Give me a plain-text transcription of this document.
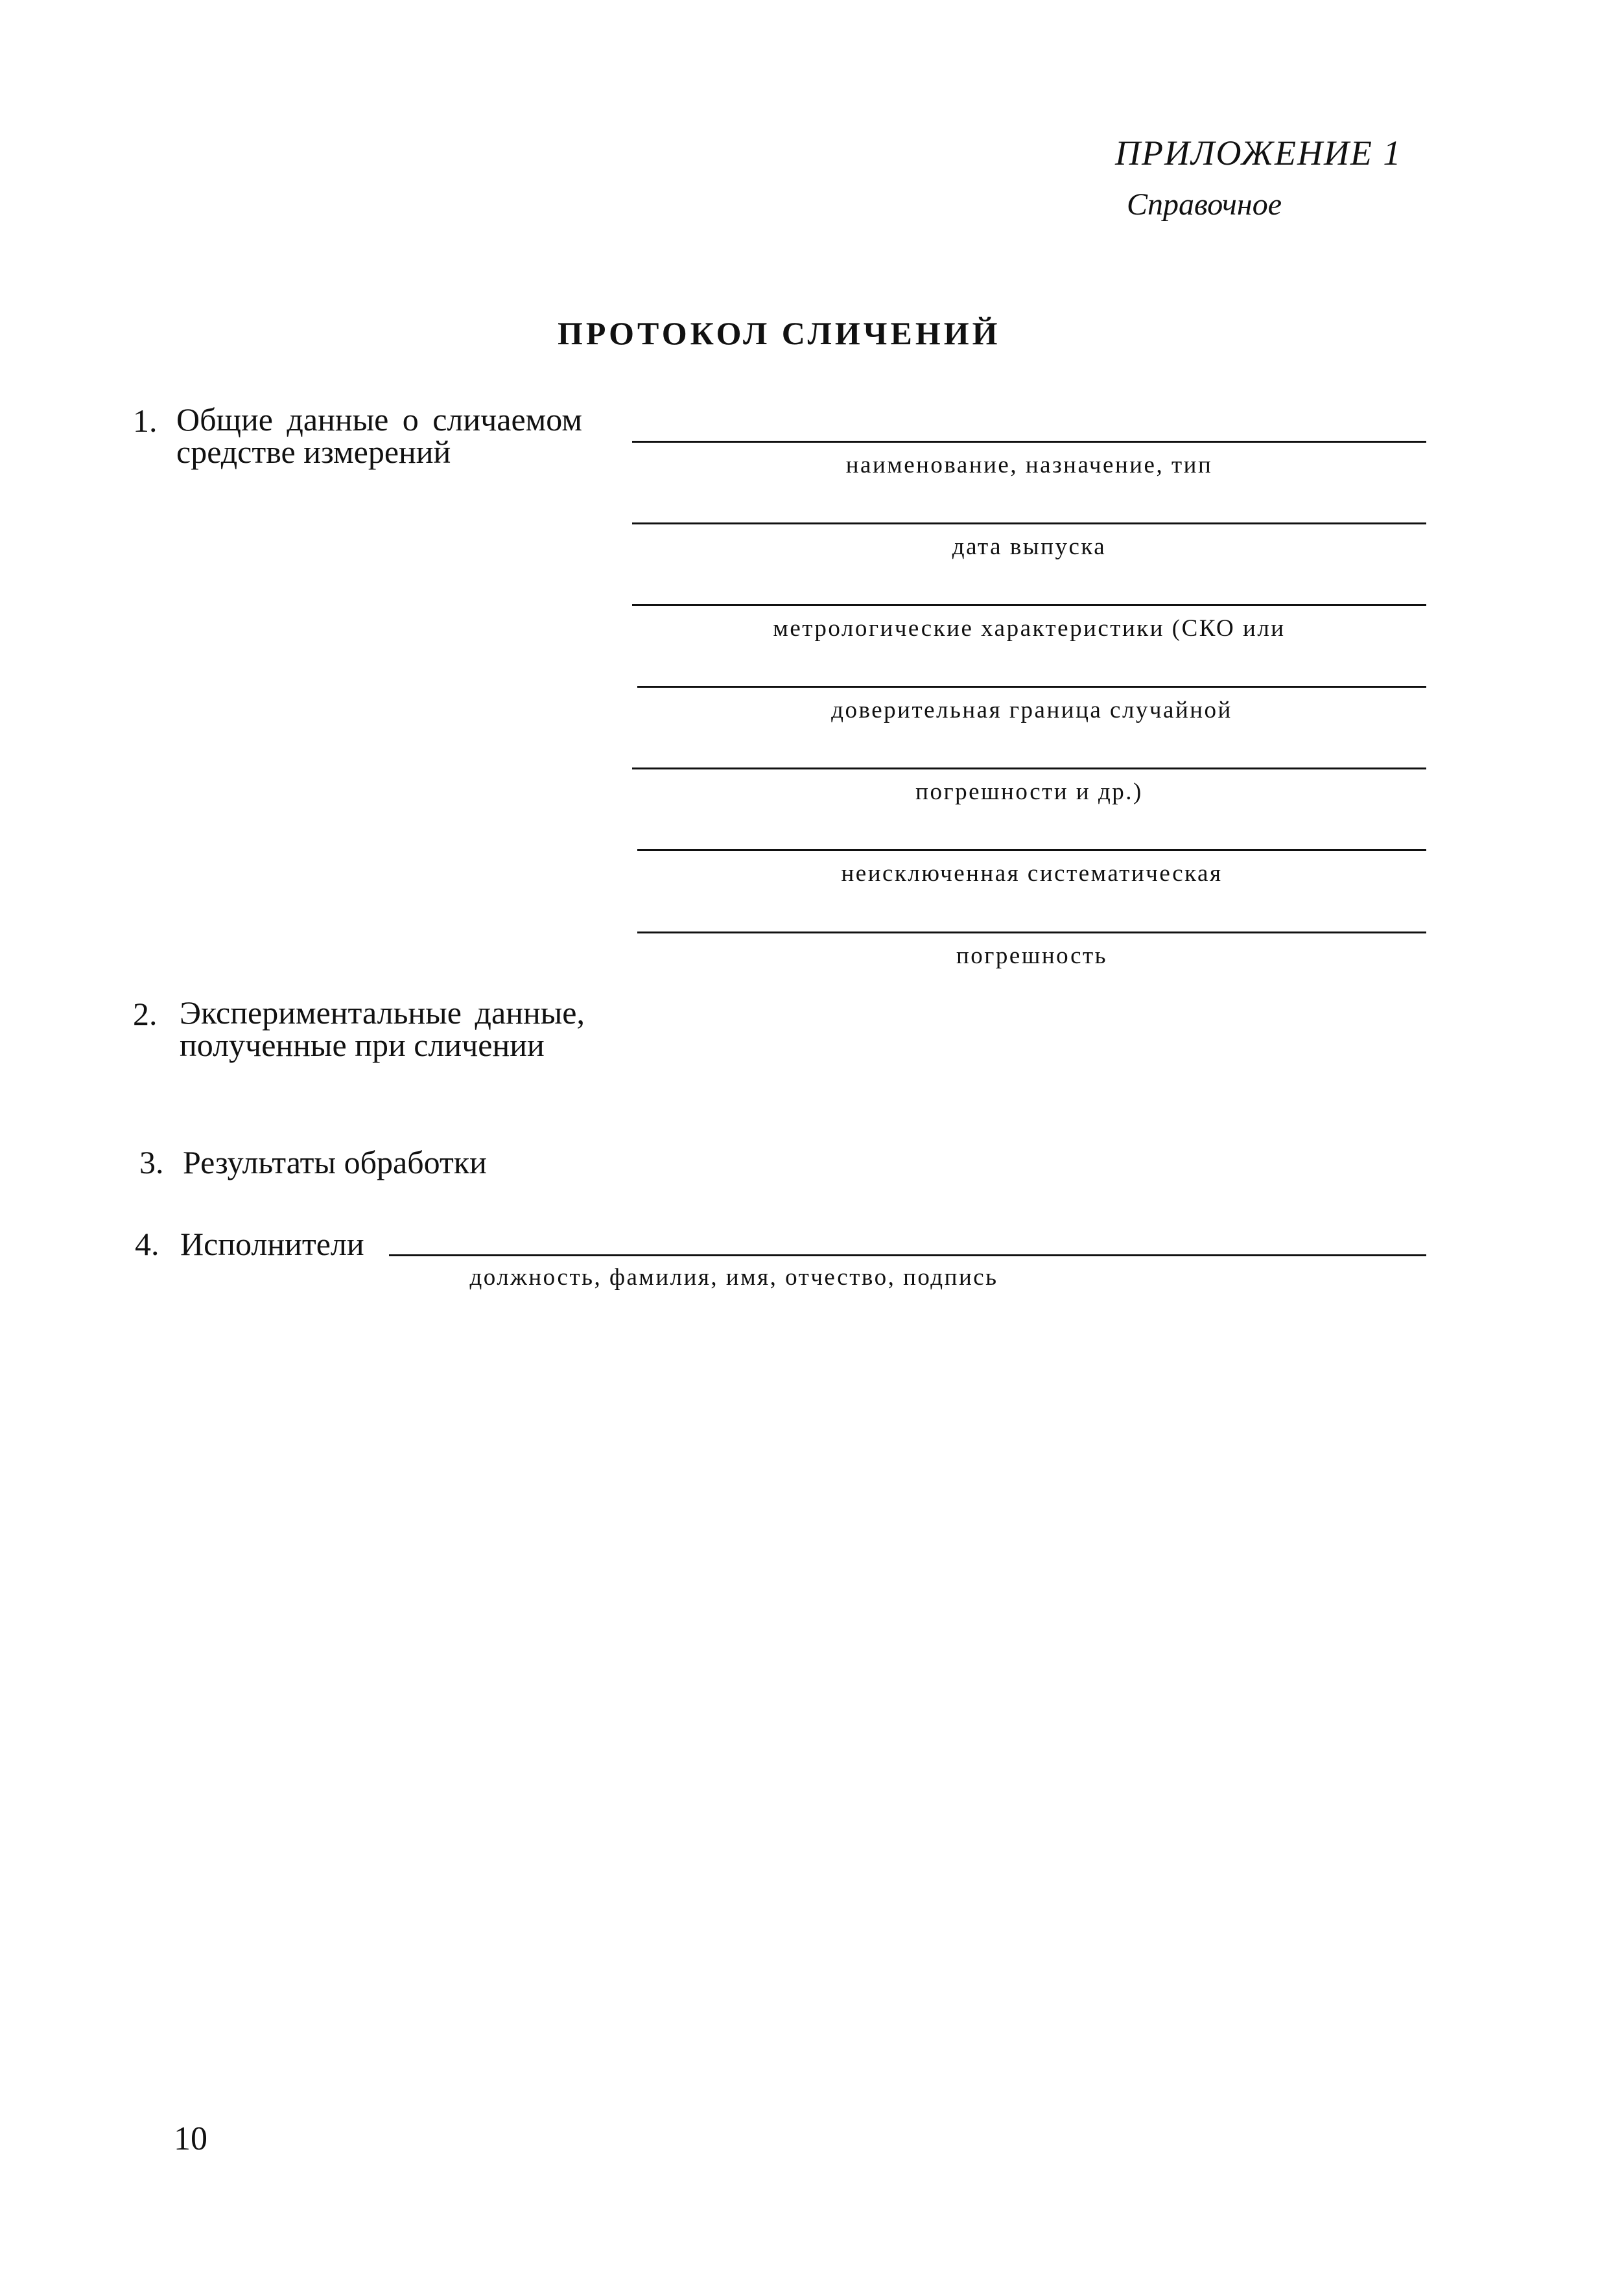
ПРИЛОЖЕНИЕ 1
Справочное
ПРОТОКОЛ СЛИЧЕНИЙ
1. Общие данные о сличаемом средстве измерений	наименование, назначение, тип
дата выпуска
метрологические характеристики (СКО или
доверительная граница случайной
погрешности и др.)
неисключенная систематическая
погрешность
2. Экспериментальные данные, полученные при сличении
3. Результаты обработки
4. Исполнители
должность, фамилия, имя, отчество, подпись
10
